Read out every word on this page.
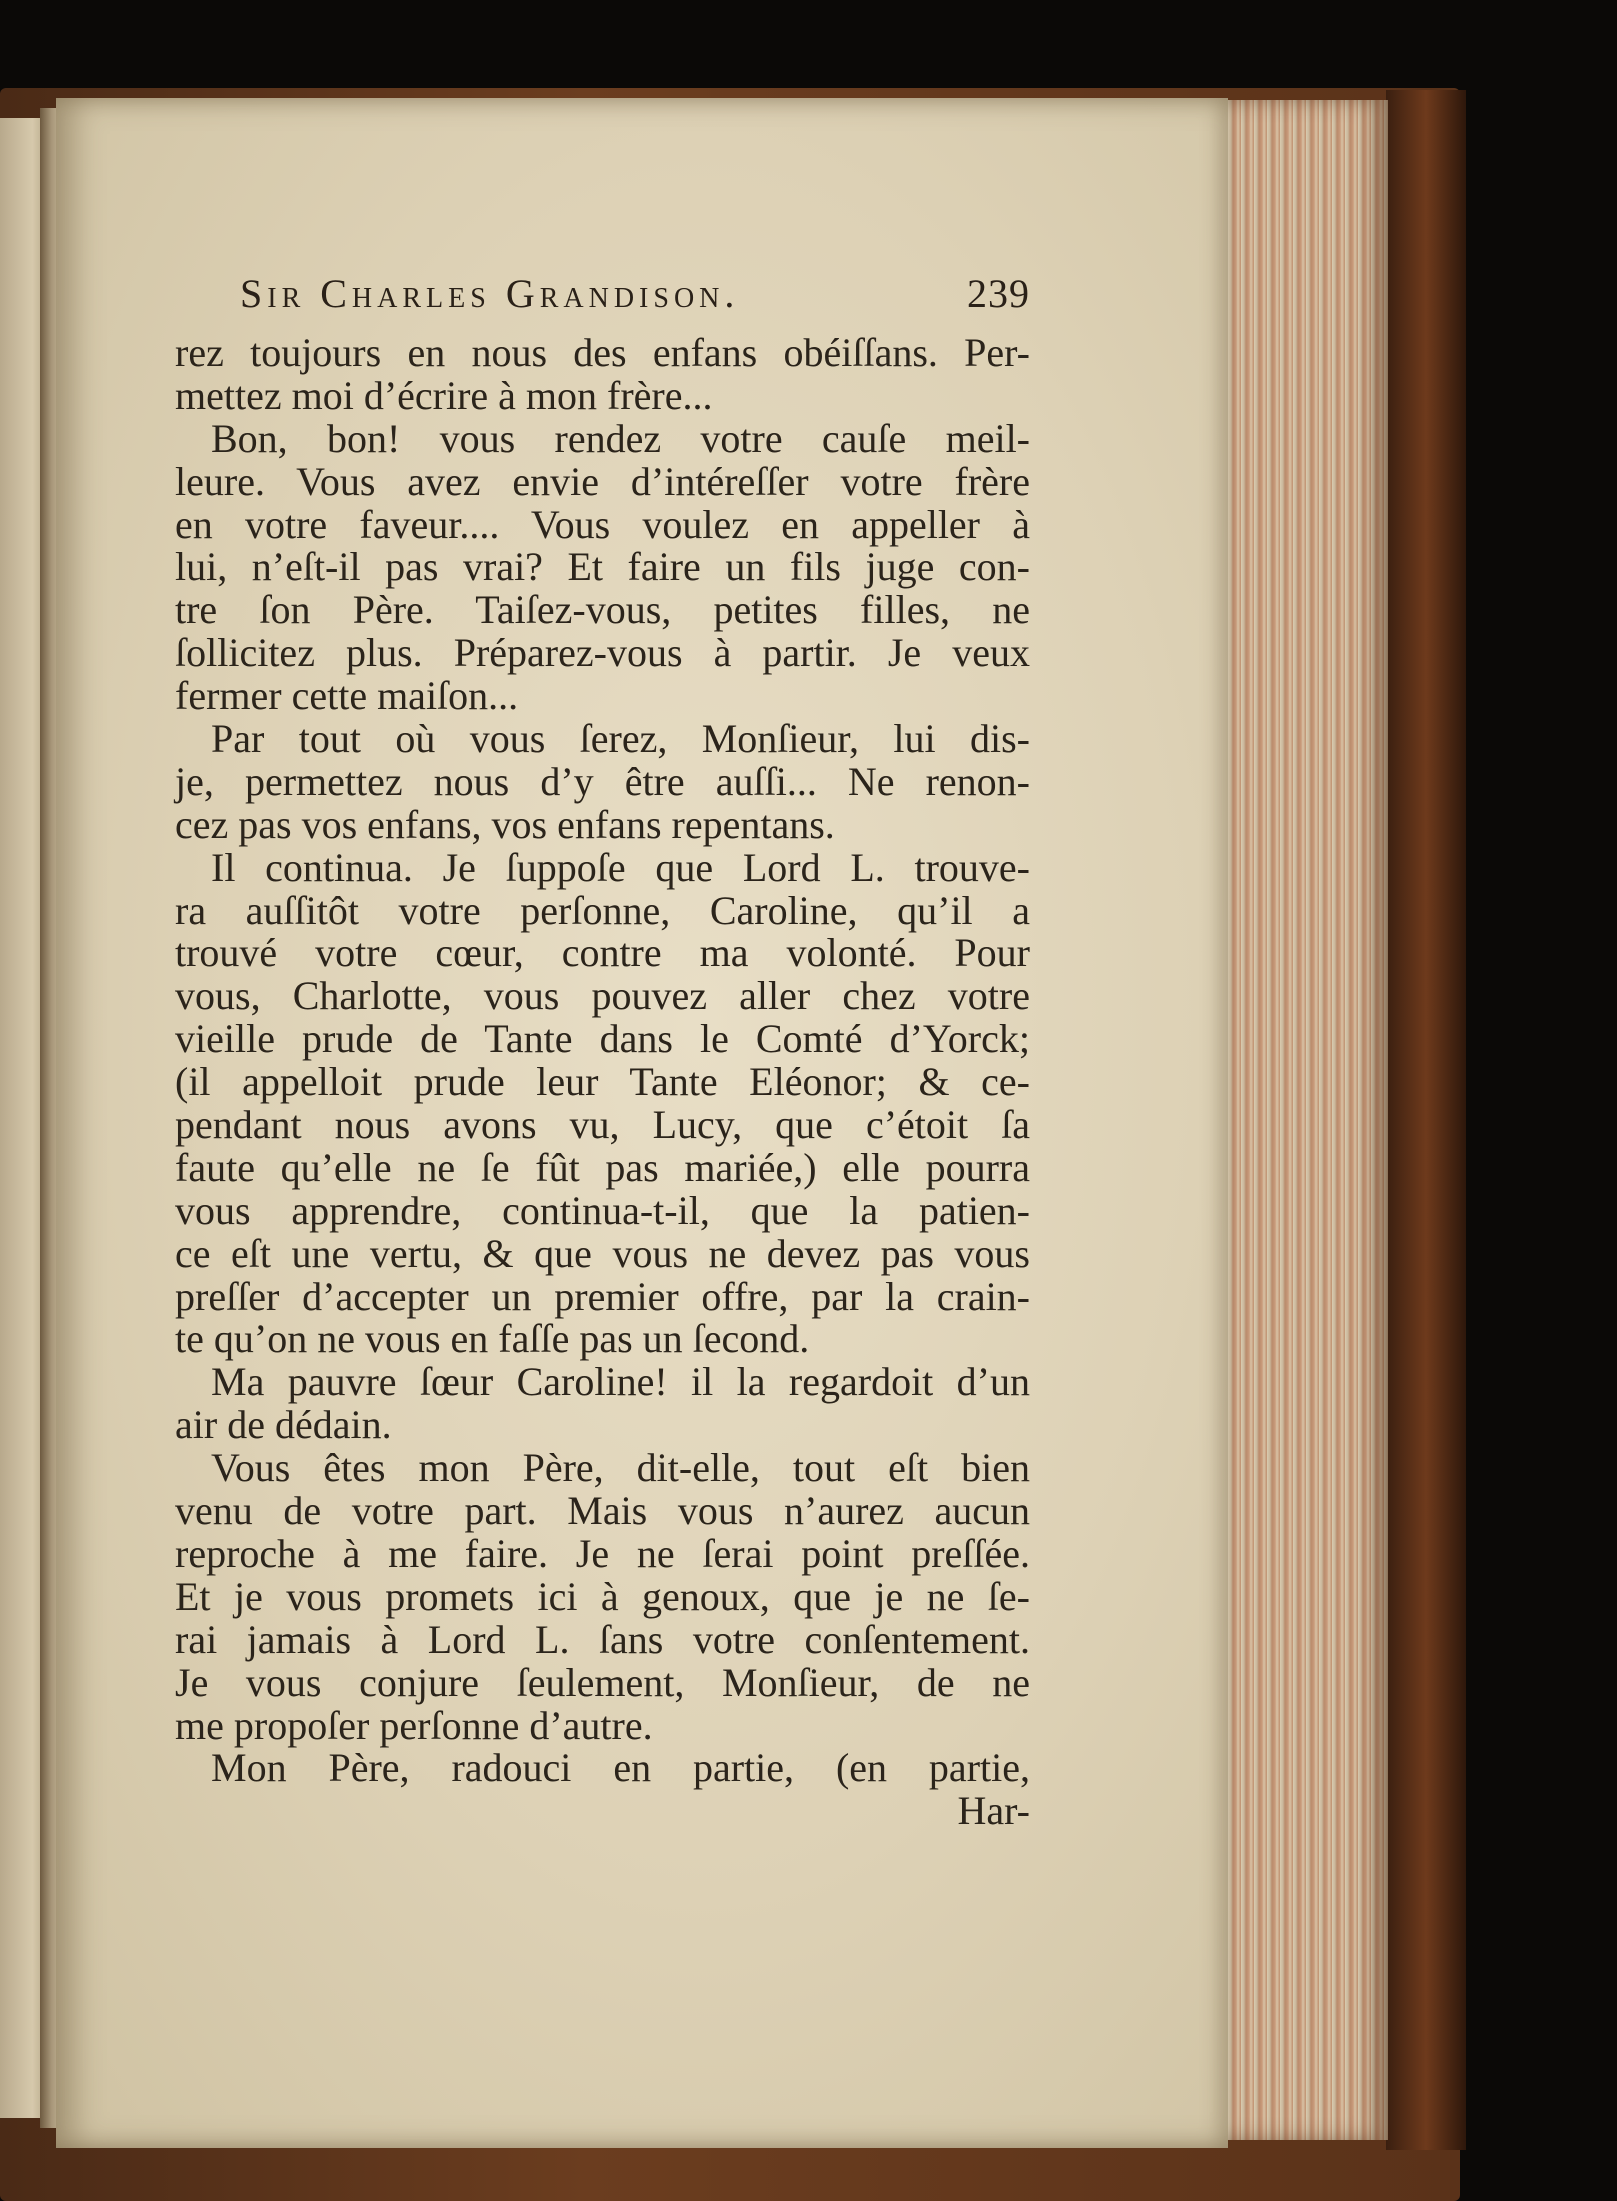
Sir Charles Grandison.	239
rez toujours en nous des enfans obéiſſans. Per-
mettez moi d’écrire à mon frère...
Bon, bon! vous rendez votre cauſe meil-
leure. Vous avez envie d’intéreſſer votre frère
en votre faveur.... Vous voulez en appeller à
lui, n’eſt-il pas vrai? Et faire un fils juge con-
tre ſon Père. Taiſez-vous, petites filles, ne
ſollicitez plus. Préparez-vous à partir. Je veux
fermer cette maiſon...
Par tout où vous ſerez, Monſieur, lui dis-
je, permettez nous d’y être auſſi... Ne renon-
cez pas vos enfans, vos enfans repentans.
Il continua. Je ſuppoſe que Lord L. trouve-
ra auſſitôt votre perſonne, Caroline, qu’il a
trouvé votre cœur, contre ma volonté. Pour
vous, Charlotte, vous pouvez aller chez votre
vieille prude de Tante dans le Comté d’Yorck;
(il appelloit prude leur Tante Eléonor; & ce-
pendant nous avons vu, Lucy, que c’étoit ſa
faute qu’elle ne ſe fût pas mariée,) elle pourra
vous apprendre, continua-t-il, que la patien-
ce eſt une vertu, & que vous ne devez pas vous
preſſer d’accepter un premier offre, par la crain-
te qu’on ne vous en faſſe pas un ſecond.
Ma pauvre ſœur Caroline! il la regardoit d’un
air de dédain.
Vous êtes mon Père, dit-elle, tout eſt bien
venu de votre part. Mais vous n’aurez aucun
reproche à me faire. Je ne ſerai point preſſée.
Et je vous promets ici à genoux, que je ne ſe-
rai jamais à Lord L. ſans votre conſentement.
Je vous conjure ſeulement, Monſieur, de ne
me propoſer perſonne d’autre.
Mon Père, radouci en partie, (en partie,
Har-
